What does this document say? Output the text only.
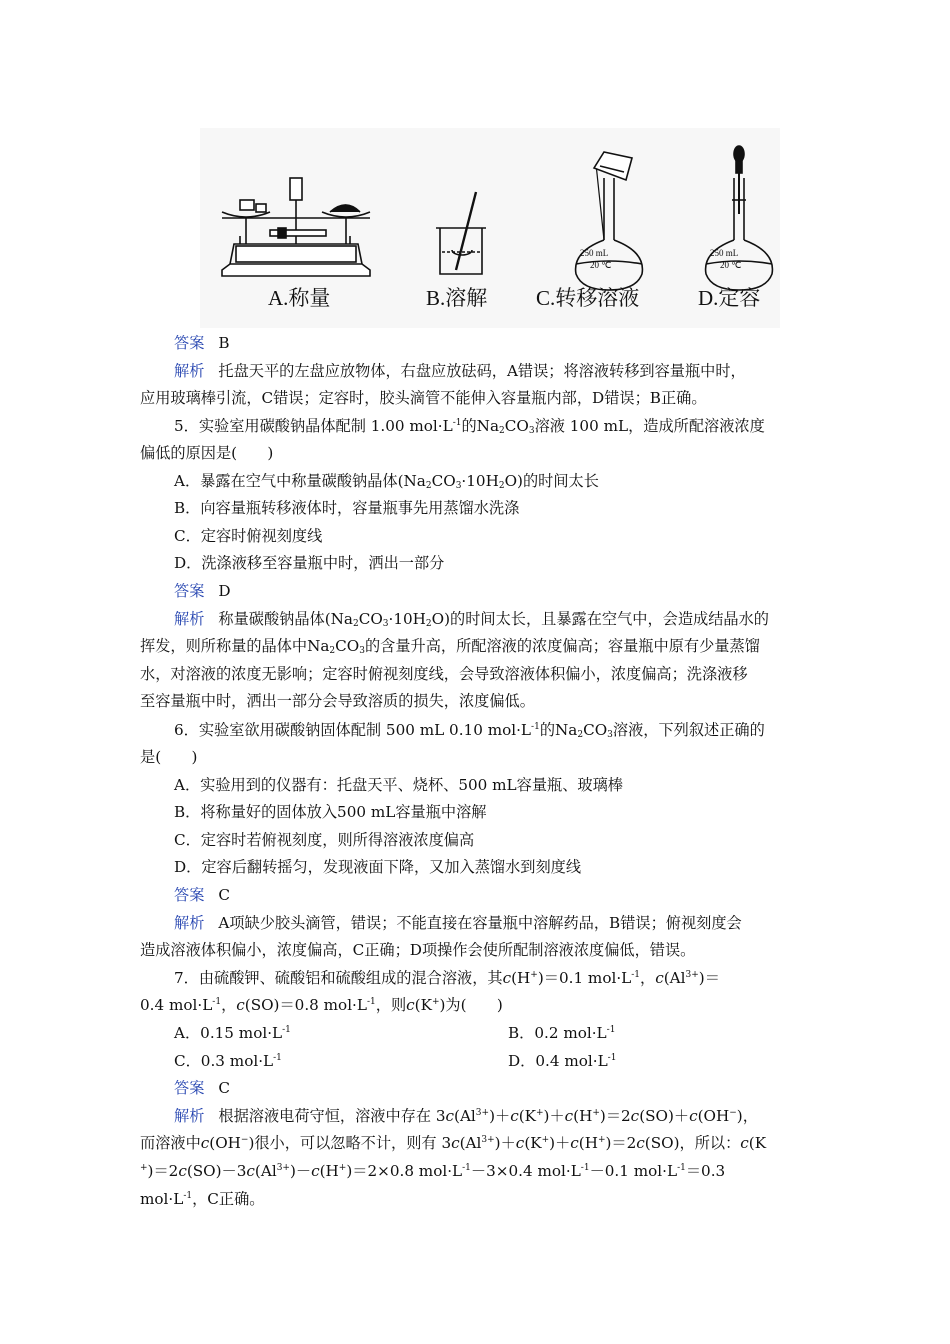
250 mL
20 ℃
250 mL
20 ℃
A.称量	B.溶解 C.转移溶液	D.定容
答案 B
解析 托盘天平的左盘应放物体，右盘应放砝码，A错误；将溶液转移到容量瓶中时，
应用玻璃棒引流，C错误；定容时，胶头滴管不能伸入容量瓶内部，D错误；B正确。
5．实验室用碳酸钠晶体配制 1.00 $mol\cdot L^{-1}$的$Na_2CO_3$溶液 100 mL，造成所配溶液浓度
偏低的原因是(　　)
A．暴露在空气中称量碳酸钠晶体$(Na_2CO_3\cdot 10H_2O)$的时间太长
B．向容量瓶转移液体时，容量瓶事先用蒸馏水洗涤
C．定容时俯视刻度线
D．洗涤液移至容量瓶中时，洒出一部分
答案 D
解析 称量碳酸钠晶体$(Na_2CO_3\cdot 10H_2O)$的时间太长，且暴露在空气中，会造成结晶水的
挥发，则所称量的晶体中$Na_2CO_3$的含量升高，所配溶液的浓度偏高；容量瓶中原有少量蒸馏
水，对溶液的浓度无影响；定容时俯视刻度线，会导致溶液体积偏小，浓度偏高；洗涤液移
至容量瓶中时，洒出一部分会导致溶质的损失，浓度偏低。
6．实验室欲用碳酸钠固体配制 500 mL 0.10 $mol\cdot L^{-1}$的$Na_2CO_3$溶液，下列叙述正确的
是(　　)
A．实验用到的仪器有：托盘天平、烧杯、500 mL容量瓶、玻璃棒
B．将称量好的固体放入500 mL容量瓶中溶解
C．定容时若俯视刻度，则所得溶液浓度偏高
D．定容后翻转摇匀，发现液面下降，又加入蒸馏水到刻度线
答案 C
解析 A项缺少胶头滴管，错误；不能直接在容量瓶中溶解药品，B错误；俯视刻度会
造成溶液体积偏小，浓度偏高，C正确；D项操作会使所配制溶液浓度偏低，错误。
7．由硫酸钾、硫酸铝和硫酸组成的混合溶液，其c(H+)＝0.1 $mol\cdot L^{-1}$，$c(Al^{3+})=$
0.4 $mol\cdot L^{-1}$，c(SO)＝0.8 $mol\cdot L^{-1}$，则c(K+)为(　　)
A．0.15 $mol\cdot L^{-1}$	B．0.2 $mol\cdot L^{-1}$
C．0.3 $mol\cdot L^{-1}$	D．0.4 $mol\cdot L^{-1}$
答案 C
解析 根据溶液电荷守恒，溶液中存在 $3c(Al^{3+})+c(K^+)+c(H^+)=2c(SO)+c(OH^-)$，
而溶液中c(OH−)很小，可以忽略不计，则有 $3c(Al^{3+})+c(K^+)+c(H^+)=2c(SO)$，所以：c(K
$^+)=2c(SO)-3c(Al^{3+})-c(H^+)=2\times 0.8$ $mol\cdot L^{-1}-3\times 0.4$ $mol\cdot L^{-1}-0.1$ $mol\cdot L^{-1}=0.3$
$mol\cdot L^{-1}$，C正确。
